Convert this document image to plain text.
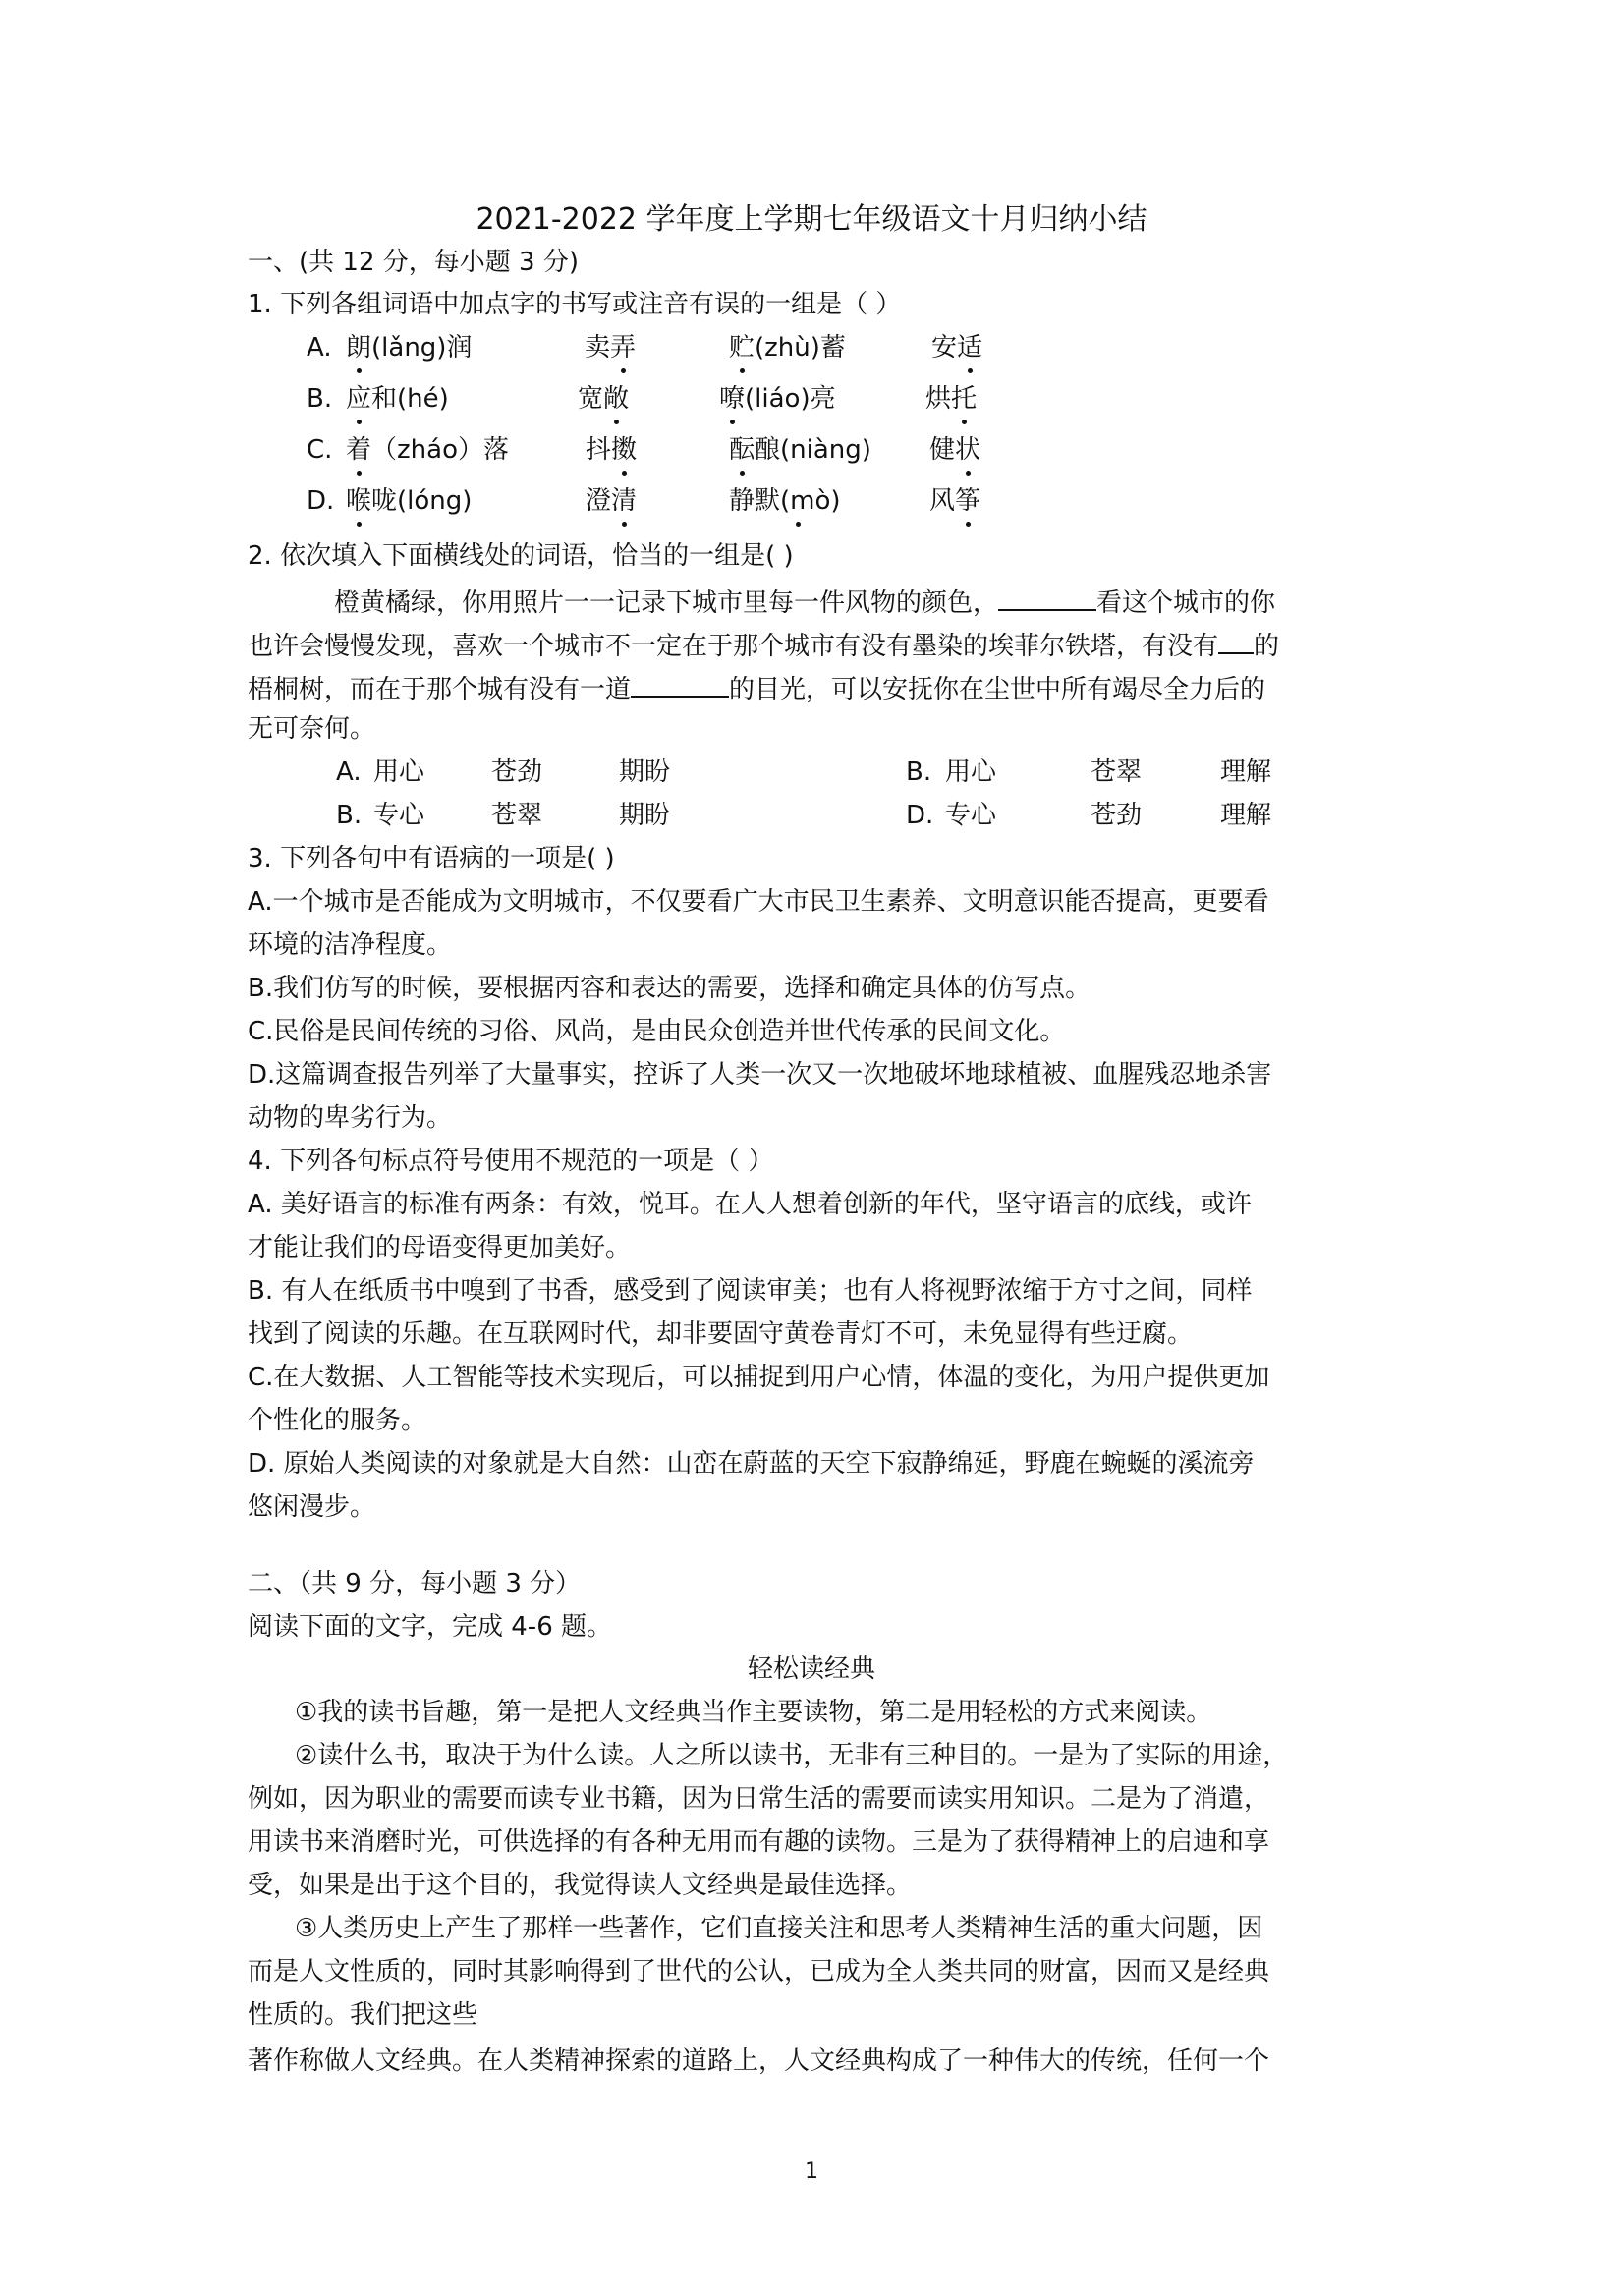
2021-2022 学年度上学期七年级语文十月归纳小结
一、(共 12 分，每小题 3 分)
1. 下列各组词语中加点字的书写或注音有误的一组是（ ）
A. 朗(lǎng)润	卖弄	贮(zhù)蓄	安适
B. 应和(hé)	宽敞	嘹(liáo)亮	烘托
C. 着（zháo）落	抖擞	酝酿(niàng) 健状
D. 喉咙(lóng)	澄清	静默(mò)	风筝
2. 依次填入下面横线处的词语，恰当的一组是( )
橙黄橘绿，你用照片一一记录下城市里每一件风物的颜色，	看这个城市的你
也许会慢慢发现，喜欢一个城市不一定在于那个城市有没有墨染的埃菲尔铁塔，有没有 的
梧桐树，而在于那个城有没有一道	的目光，可以安抚你在尘世中所有竭尽全力后的
无可奈何。
A. 用心	苍劲	期盼	B. 用心	苍翠	理解
B. 专心	苍翠	期盼	D. 专心	苍劲	理解
3. 下列各句中有语病的一项是( )
A.一个城市是否能成为文明城市，不仅要看广大市民卫生素养、文明意识能否提高，更要看
环境的洁净程度。
B.我们仿写的时候，要根据丙容和表达的需要，选择和确定具体的仿写点。
C.民俗是民间传统的习俗、风尚，是由民众创造并世代传承的民间文化。
D.这篇调查报告列举了大量事实，控诉了人类一次又一次地破坏地球植被、血腥残忍地杀害
动物的卑劣行为。
4. 下列各句标点符号使用不规范的一项是（ ）
A. 美好语言的标准有两条：有效，悦耳。在人人想着创新的年代，坚守语言的底线，或许
才能让我们的母语变得更加美好。
B. 有人在纸质书中嗅到了书香，感受到了阅读审美；也有人将视野浓缩于方寸之间，同样
找到了阅读的乐趣。在互联网时代，却非要固守黄卷青灯不可，未免显得有些迂腐。
C.在大数据、人工智能等技术实现后，可以捕捉到用户心情，体温的变化，为用户提供更加
个性化的服务。
D. 原始人类阅读的对象就是大自然：山峦在蔚蓝的天空下寂静绵延，野鹿在蜿蜒的溪流旁
悠闲漫步。
二、（共 9 分，每小题 3 分）
阅读下面的文字，完成 4-6 题。
轻松读经典
①我的读书旨趣，第一是把人文经典当作主要读物，第二是用轻松的方式来阅读。
②读什么书，取决于为什么读。人之所以读书，无非有三种目的。一是为了实际的用途，
例如，因为职业的需要而读专业书籍，因为日常生活的需要而读实用知识。二是为了消遣，
用读书来消磨时光，可供选择的有各种无用而有趣的读物。三是为了获得精神上的启迪和享
受，如果是出于这个目的，我觉得读人文经典是最佳选择。
③人类历史上产生了那样一些著作，它们直接关注和思考人类精神生活的重大问题，因
而是人文性质的，同时其影响得到了世代的公认，已成为全人类共同的财富，因而又是经典
性质的。我们把这些
著作称做人文经典。在人类精神探索的道路上，人文经典构成了一种伟大的传统，任何一个
1
